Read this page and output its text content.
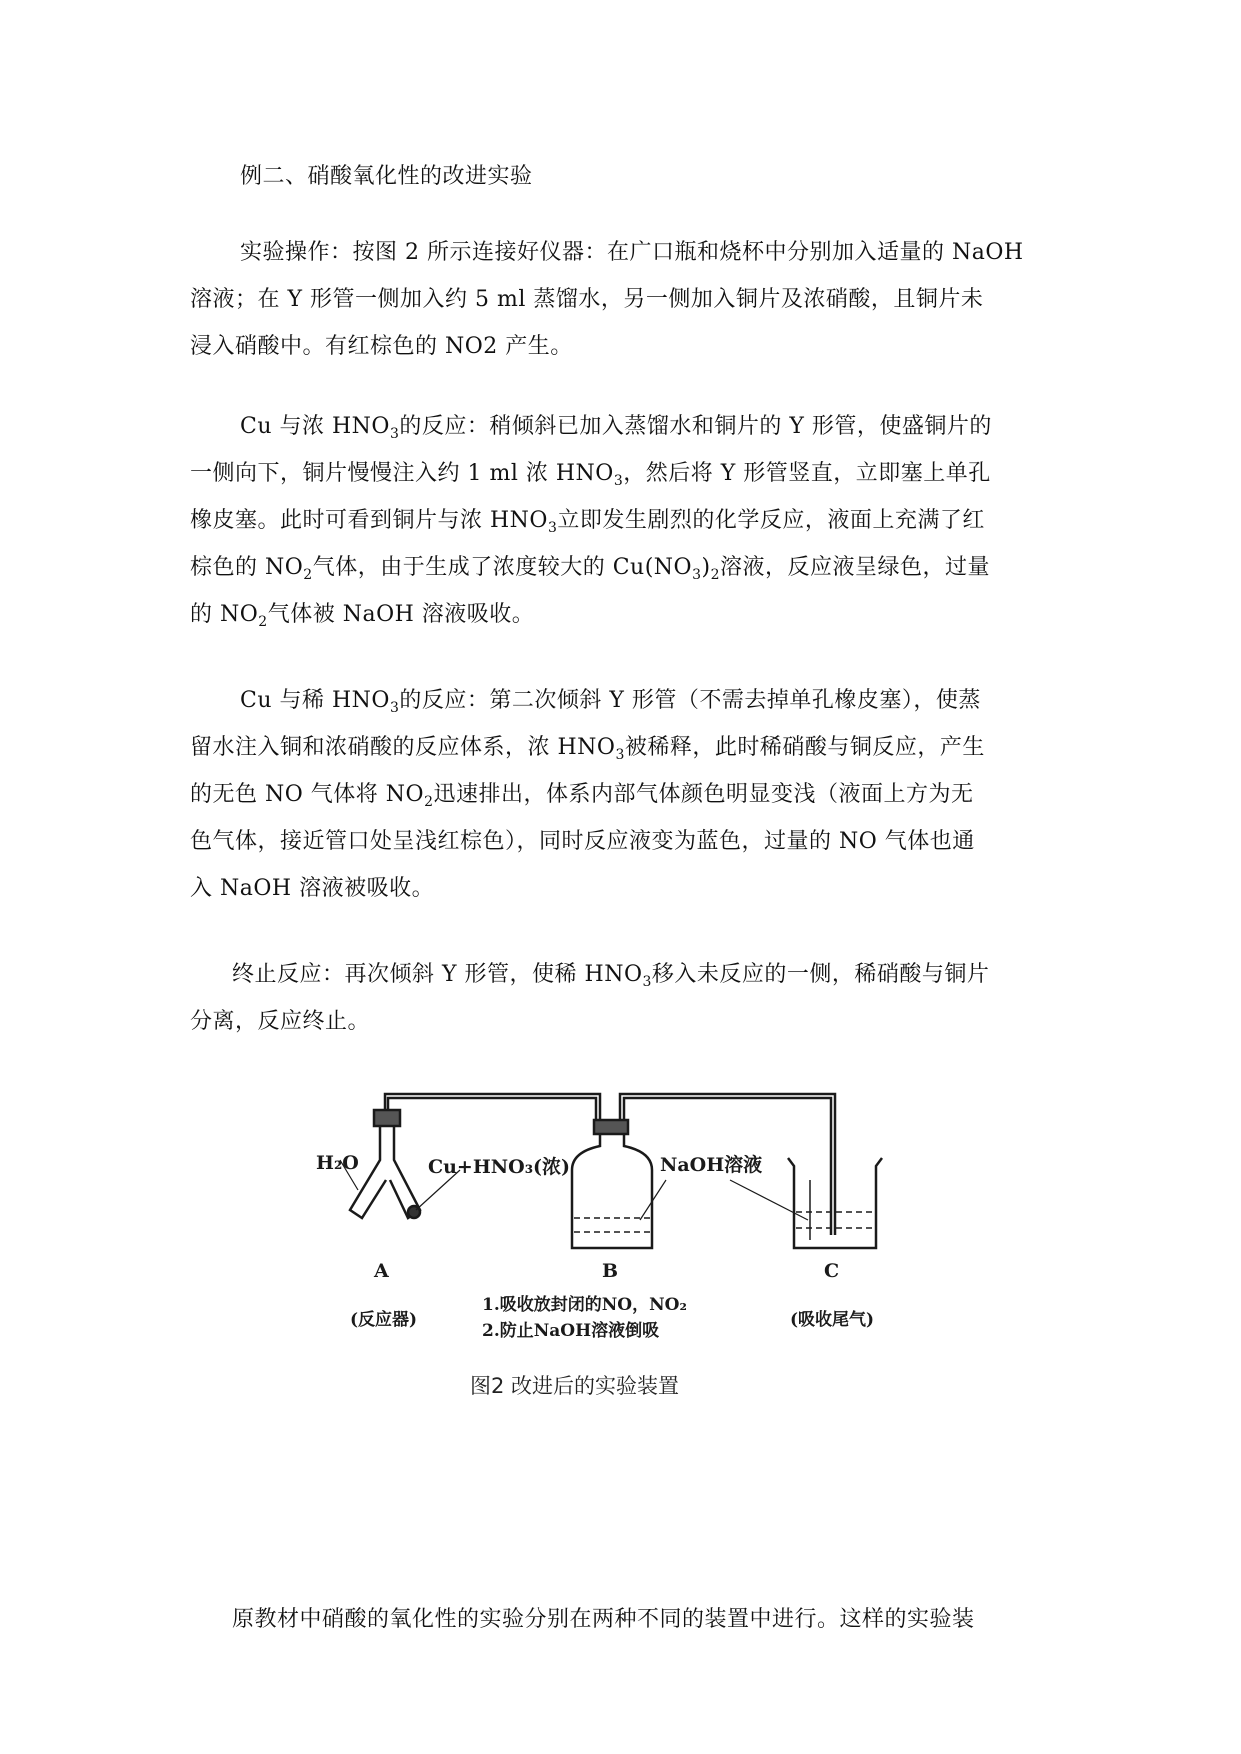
例二、硝酸氧化性的改进实验
实验操作：按图 2 所示连接好仪器：在广口瓶和烧杯中分别加入适量的 NaOH
溶液；在 Y 形管一侧加入约 5 ml 蒸馏水，另一侧加入铜片及浓硝酸，且铜片未
浸入硝酸中。有红棕色的 NO2 产生。
Cu 与浓 $HNO_3$的反应：稍倾斜已加入蒸馏水和铜片的 Y 形管，使盛铜片的
一侧向下，铜片慢慢注入约 1 ml 浓 $HNO_3$，然后将 Y 形管竖直，立即塞上单孔
橡皮塞。此时可看到铜片与浓 $HNO_3$立即发生剧烈的化学反应，液面上充满了红
棕色的 $NO_2$气体，由于生成了浓度较大的 $Cu(NO_3)_2$溶液，反应液呈绿色，过量
的 $NO_2$气体被 NaOH 溶液吸收。
Cu 与稀 $HNO_3$的反应：第二次倾斜 Y 形管（不需去掉单孔橡皮塞），使蒸
留水注入铜和浓硝酸的反应体系，浓 $HNO_3$被稀释，此时稀硝酸与铜反应，产生
的无色 NO 气体将 $NO_2$迅速排出，体系内部气体颜色明显变浅（液面上方为无
色气体，接近管口处呈浅红棕色），同时反应液变为蓝色，过量的 NO 气体也通
入 NaOH 溶液被吸收。
终止反应：再次倾斜 Y 形管，使稀 $HNO_3$移入未反应的一侧，稀硝酸与铜片
分离，反应终止。
H₂O	Cu+HNO₃(浓)	NaOH溶液
A	B	C
(反应器)
1.吸收放封闭的NO，NO₂
2.防止NaOH溶液倒吸
(吸收尾气)
图2 改进后的实验装置
原教材中硝酸的氧化性的实验分别在两种不同的装置中进行。这样的实验装
